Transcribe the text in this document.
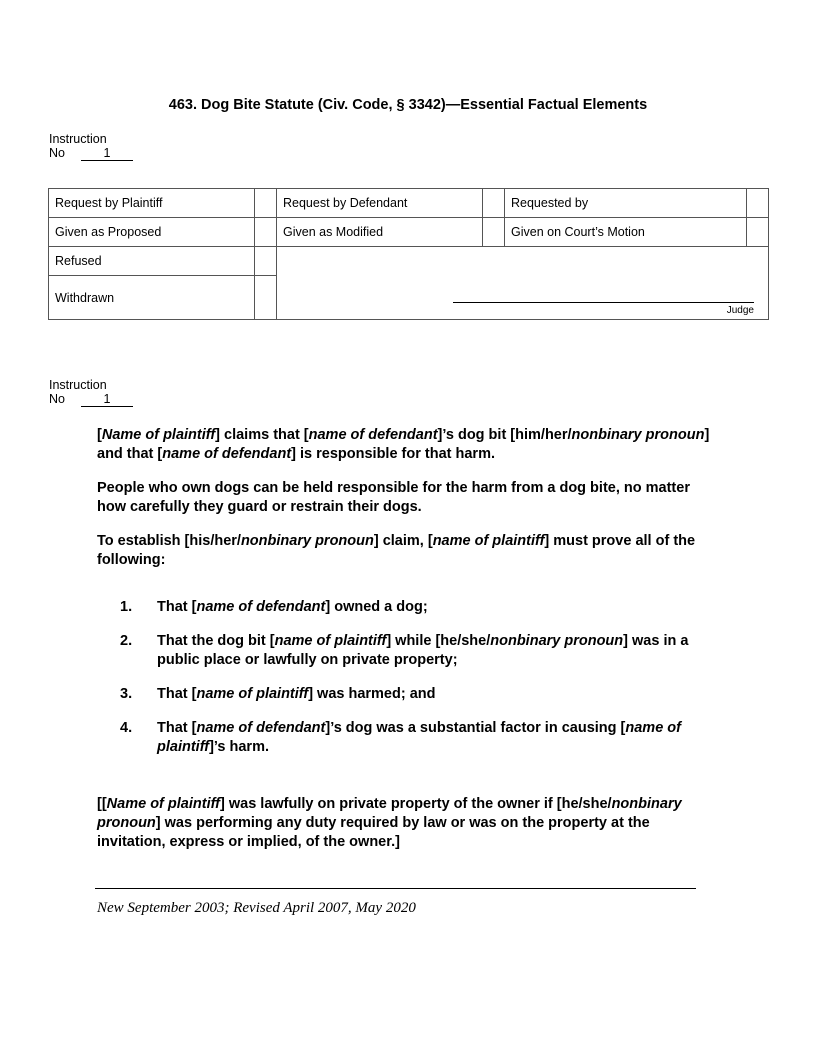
463. Dog Bite Statute (Civ. Code, § 3342)—Essential Factual Elements
Instruction
No	1
Request by Plaintiff		Request by Defendant		Requested by	
Given as Proposed		Given as Modified		Given on Court’s Motion	
Refused		Judge			

Withdrawn					
Instruction
No	1

[Name of plaintiff] claims that [name of defendant]’s dog bit [him/her/nonbinary pronoun] and that [name of defendant] is responsible for that harm.

People who own dogs can be held responsible for the harm from a dog bite, no matter how carefully they guard or restrain their dogs.

To establish [his/her/nonbinary pronoun] claim, [name of plaintiff] must prove all of the following:

1. That [name of defendant] owned a dog;
2. That the dog bit [name of plaintiff] while [he/she/nonbinary pronoun] was in a public place or lawfully on private property;
3. That [name of plaintiff] was harmed; and
4. That [name of defendant]’s dog was a substantial factor in causing [name of plaintiff]’s harm.

[[Name of plaintiff] was lawfully on private property of the owner if [he/she/nonbinary pronoun] was performing any duty required by law or was on the property at the invitation, express or implied, of the owner.]

New September 2003; Revised April 2007, May 2020
